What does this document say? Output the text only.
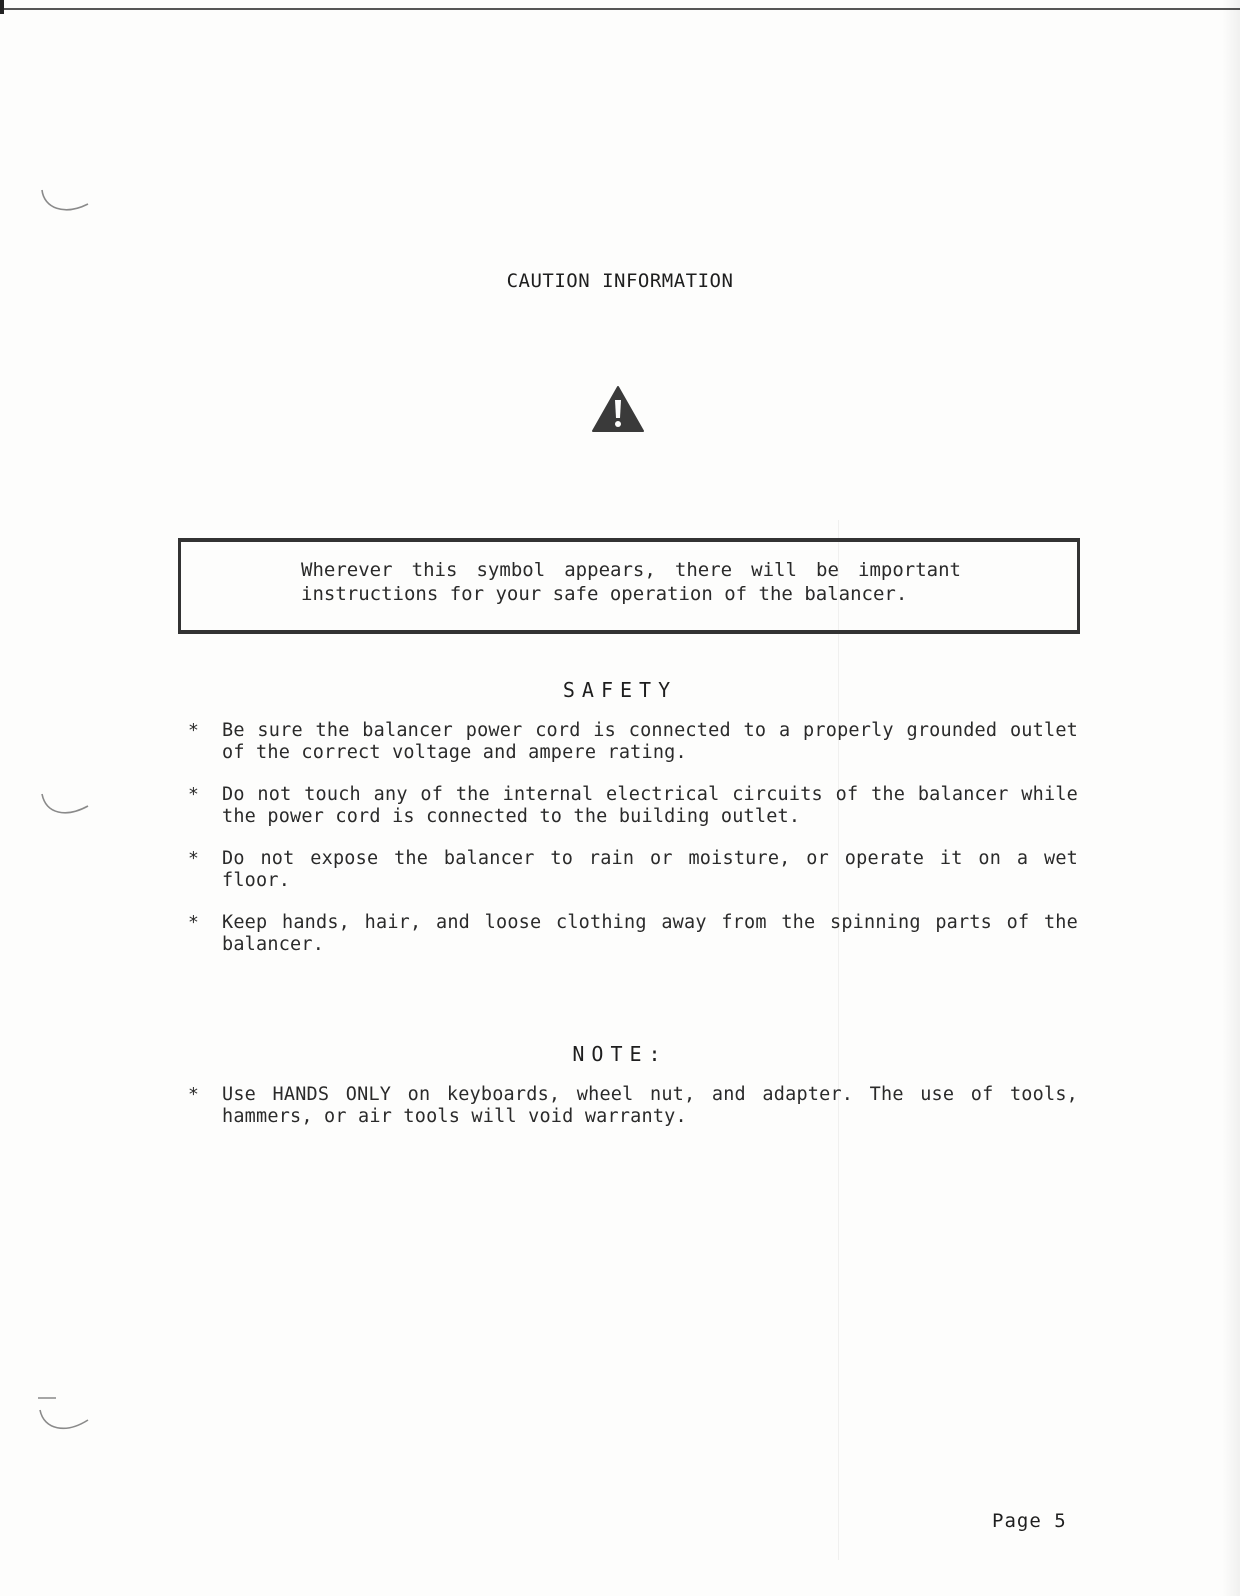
CAUTION INFORMATION
Wherever this symbol appears, there will be important instructions for your safe operation of the balancer.
SAFETY
* Be sure the balancer power cord is connected to a properly grounded outlet of the correct voltage and ampere rating.
* Do not touch any of the internal electrical circuits of the balancer while the power cord is connected to the building outlet.
* Do not expose the balancer to rain or moisture, or operate it on a wet floor.
* Keep hands, hair, and loose clothing away from the spinning parts of the balancer.
NOTE:
* Use HANDS ONLY on keyboards, wheel nut, and adapter. The use of tools, hammers, or air tools will void warranty.
Page 5
